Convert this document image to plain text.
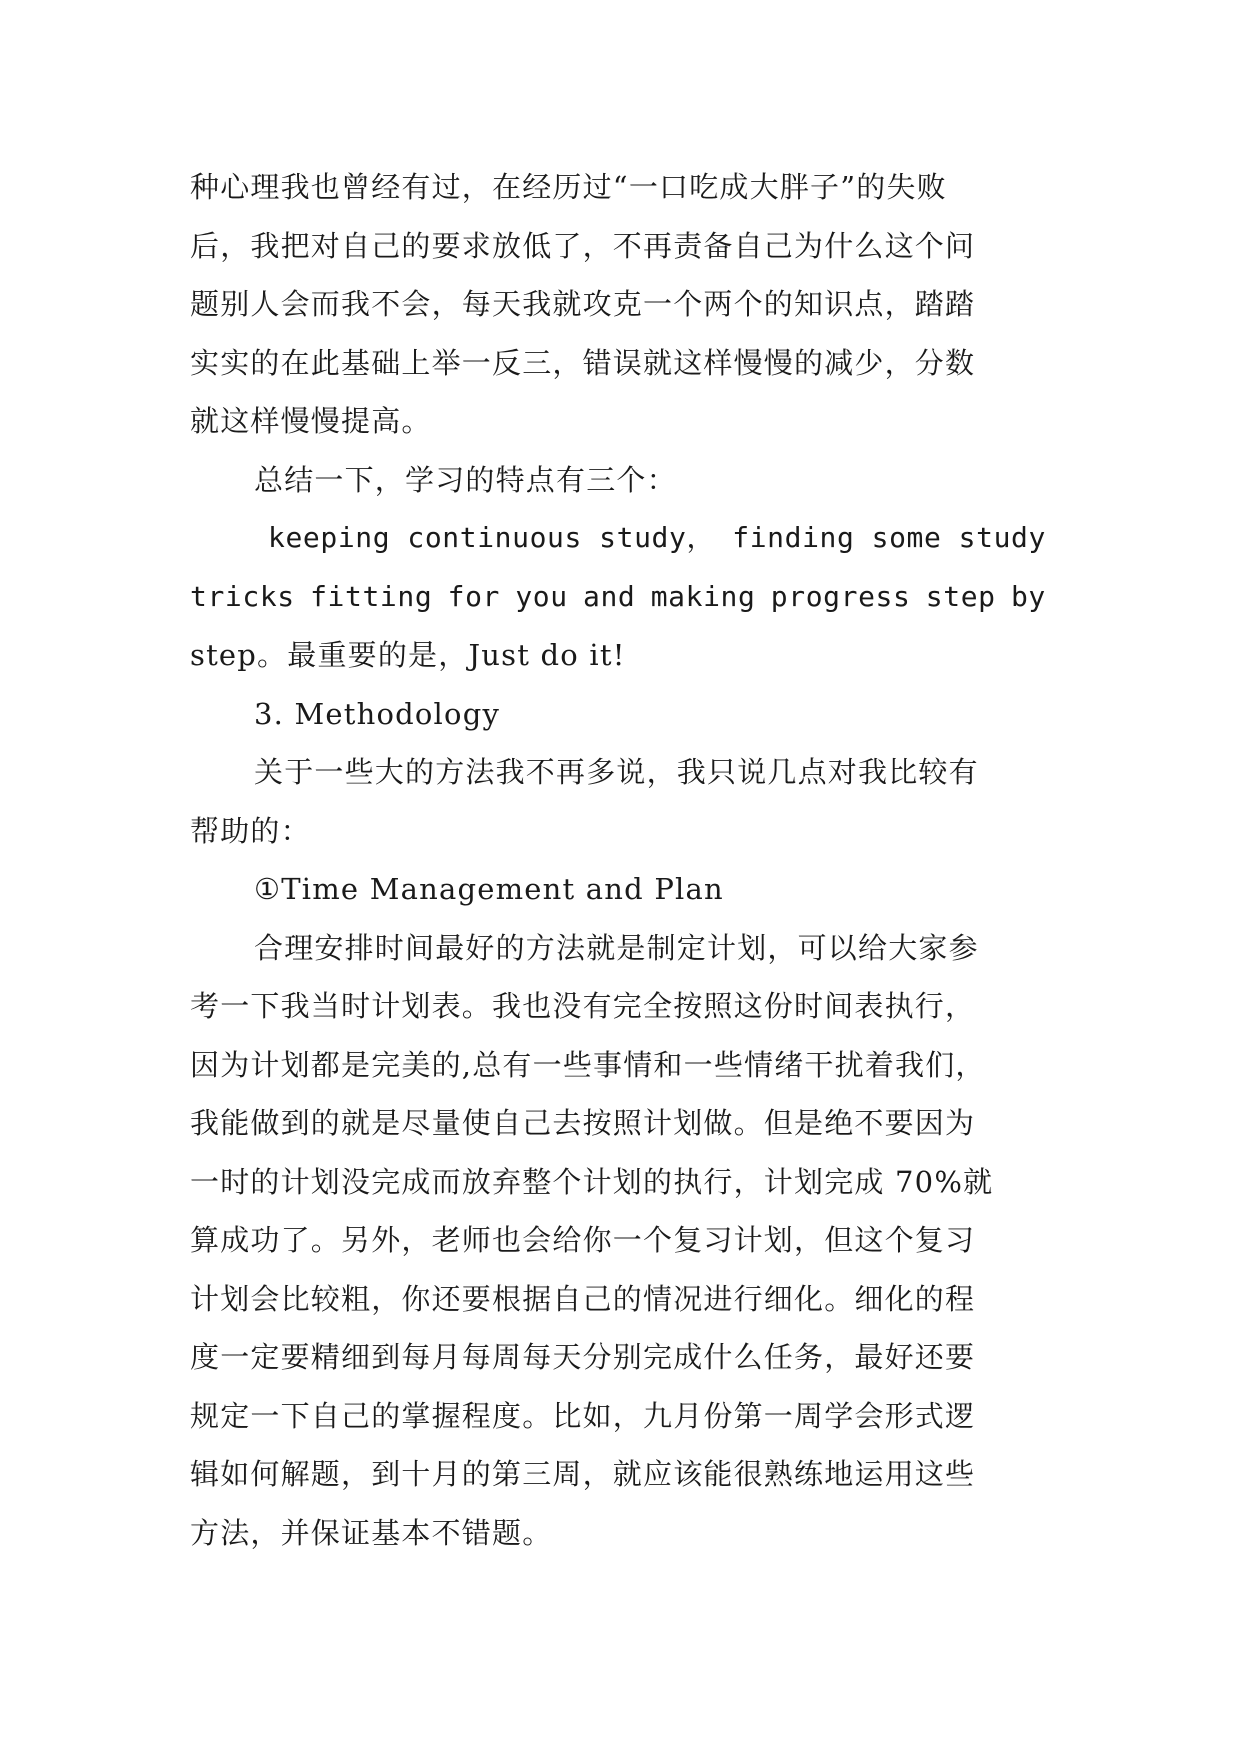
种心理我也曾经有过，在经历过“一口吃成大胖子”的失败
后，我把对自己的要求放低了，不再责备自己为什么这个问
题别人会而我不会，每天我就攻克一个两个的知识点，踏踏
实实的在此基础上举一反三，错误就这样慢慢的减少，分数
就这样慢慢提高。
总结一下，学习的特点有三个：
keeping continuous study， finding some study
tricks fitting for you and making progress step by
step。最重要的是，Just do it!
3. Methodology
关于一些大的方法我不再多说，我只说几点对我比较有
帮助的：
①Time Management and Plan
合理安排时间最好的方法就是制定计划，可以给大家参
考一下我当时计划表。我也没有完全按照这份时间表执行，
因为计划都是完美的,总有一些事情和一些情绪干扰着我们，
我能做到的就是尽量使自己去按照计划做。但是绝不要因为
一时的计划没完成而放弃整个计划的执行，计划完成 70%就
算成功了。另外，老师也会给你一个复习计划，但这个复习
计划会比较粗，你还要根据自己的情况进行细化。细化的程
度一定要精细到每月每周每天分别完成什么任务，最好还要
规定一下自己的掌握程度。比如，九月份第一周学会形式逻
辑如何解题，到十月的第三周，就应该能很熟练地运用这些
方法，并保证基本不错题。
